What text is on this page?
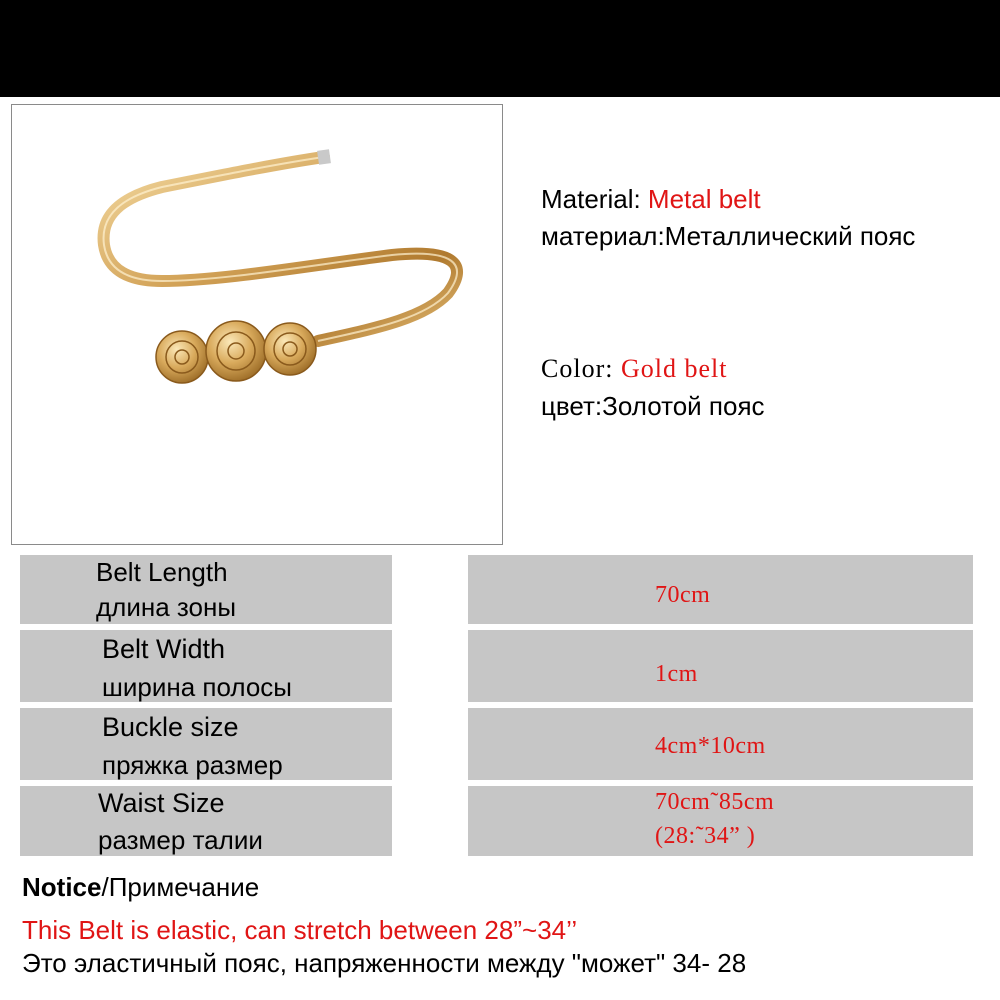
Material: Metal belt
материал:Металлический пояс
Color: Gold belt
цвет:Золотой пояс
Belt Length
длина зоны	70cm
Belt Width
ширина полосы	1cm
Buckle size
пряжка размер
4cm*10cm
Waist Size
размер талии
70cm˜85cm
(28:˜34” )
Notice/Примечание
This Belt is elastic, can stretch between 28”~34’’
Это эластичный пояс, напряженности между "может" 34- 28
